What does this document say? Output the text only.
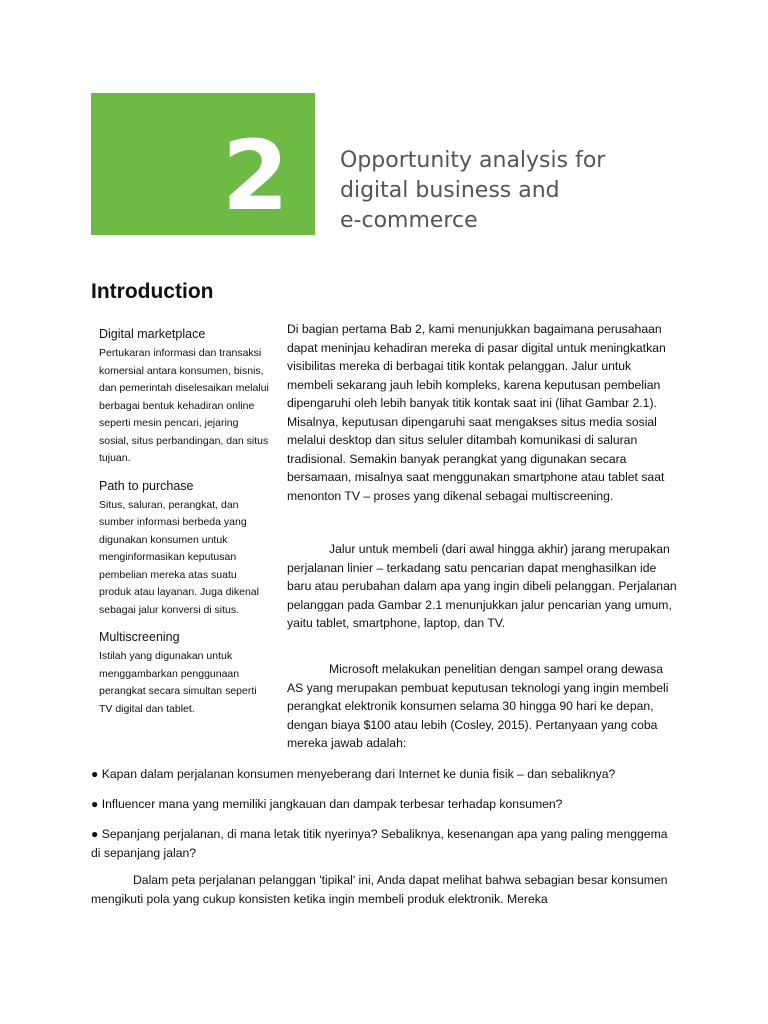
2	Opportunity analysis for
digital business and
e-commerce
Introduction
Digital marketplace

Pertukaran informasi dan transaksi komersial antara konsumen, bisnis, dan pemerintah diselesaikan melalui berbagai bentuk kehadiran online seperti mesin pencari, jejaring sosial, situs perbandingan, dan situs tujuan.

Path to purchase

Situs, saluran, perangkat, dan sumber informasi berbeda yang digunakan konsumen untuk menginformasikan keputusan pembelian mereka atas suatu produk atau layanan. Juga dikenal sebagai jalur konversi di situs.

Multiscreening

Istilah yang digunakan untuk menggambarkan penggunaan perangkat secara simultan seperti TV digital dan tablet.

Di bagian pertama Bab 2, kami menunjukkan bagaimana perusahaan dapat meninjau kehadiran mereka di pasar digital untuk meningkatkan visibilitas mereka di berbagai titik kontak pelanggan. Jalur untuk membeli sekarang jauh lebih kompleks, karena keputusan pembelian dipengaruhi oleh lebih banyak titik kontak saat ini (lihat Gambar 2.1). Misalnya, keputusan dipengaruhi saat mengakses situs media sosial melalui desktop dan situs seluler ditambah komunikasi di saluran tradisional. Semakin banyak perangkat yang digunakan secara bersamaan, misalnya saat menggunakan smartphone atau tablet saat menonton TV – proses yang dikenal sebagai multiscreening.

Jalur untuk membeli (dari awal hingga akhir) jarang merupakan perjalanan linier – terkadang satu pencarian dapat menghasilkan ide baru atau perubahan dalam apa yang ingin dibeli pelanggan. Perjalanan pelanggan pada Gambar 2.1 menunjukkan jalur pencarian yang umum, yaitu tablet, smartphone, laptop, dan TV.

Microsoft melakukan penelitian dengan sampel orang dewasa AS yang merupakan pembuat keputusan teknologi yang ingin membeli perangkat elektronik konsumen selama 30 hingga 90 hari ke depan, dengan biaya $100 atau lebih (Cosley, 2015). Pertanyaan yang coba mereka jawab adalah:

● Kapan dalam perjalanan konsumen menyeberang dari Internet ke dunia fisik – dan sebaliknya?

● Influencer mana yang memiliki jangkauan dan dampak terbesar terhadap konsumen?

● Sepanjang perjalanan, di mana letak titik nyerinya? Sebaliknya, kesenangan apa yang paling menggema di sepanjang jalan?

Dalam peta perjalanan pelanggan 'tipikal' ini, Anda dapat melihat bahwa sebagian besar konsumen mengikuti pola yang cukup konsisten ketika ingin membeli produk elektronik. Mereka
